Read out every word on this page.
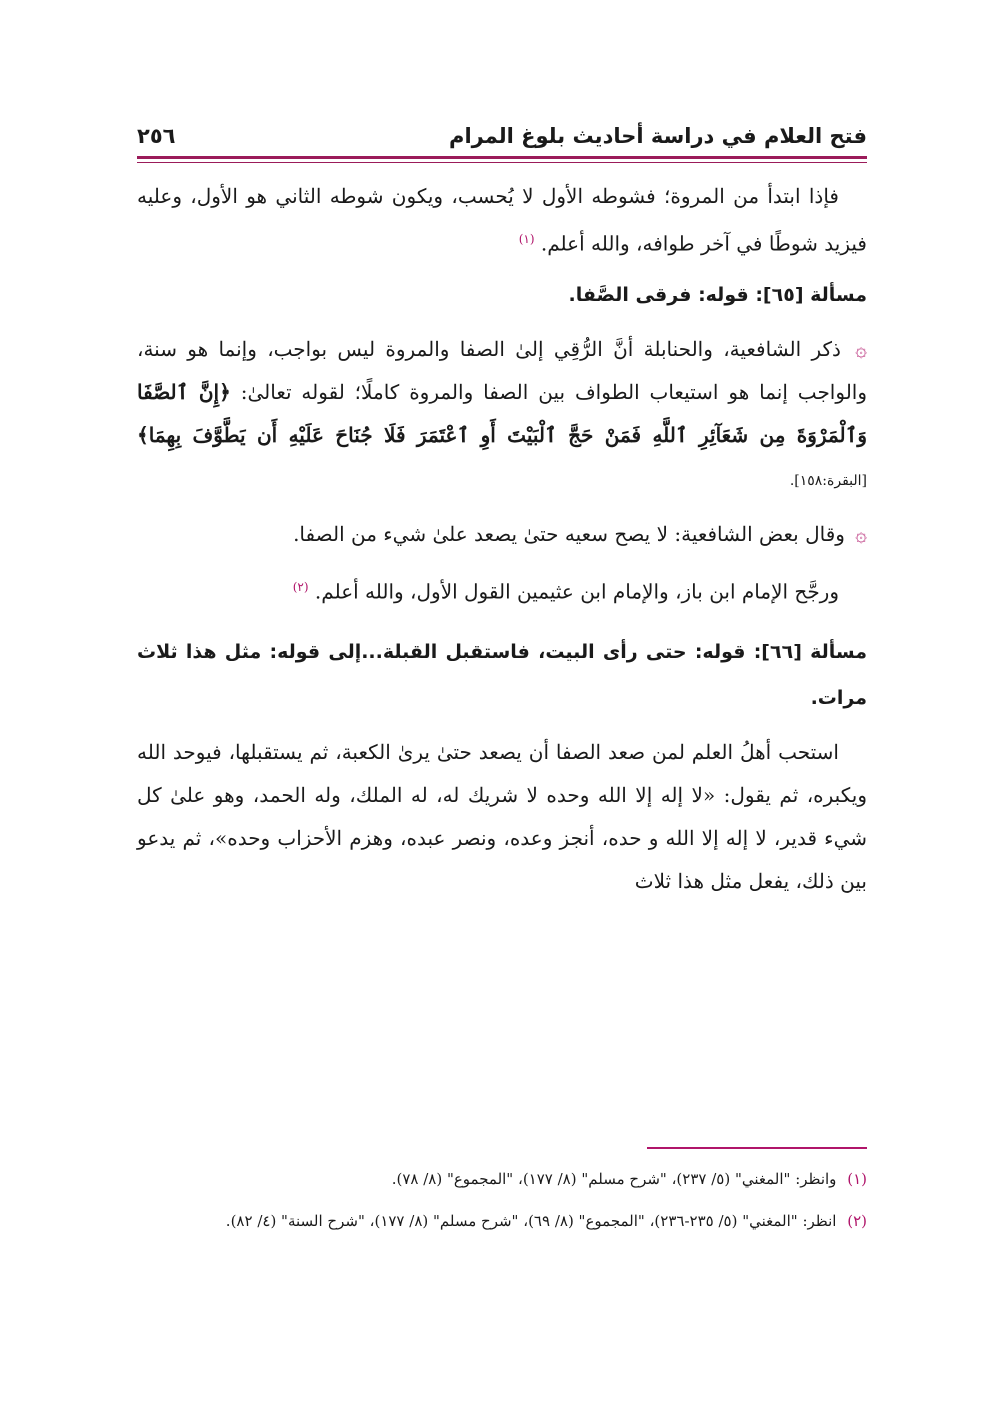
فتح العلام في دراسة أحاديث بلوغ المرام
٢٥٦

فإذا ابتدأ من المروة؛ فشوطه الأول لا يُحسب، ويكون شوطه الثاني هو الأول، وعليه فيزيد شوطًا في آخر طوافه، والله أعلم. $^{(١)}$

مسألة [٦٥]: قوله: فرقى الصَّفا.

۞ ذكر الشافعية، والحنابلة أنَّ الرُّقِي إلىٰ الصفا والمروة ليس بواجب، وإنما هو سنة، والواجب إنما هو استيعاب الطواف بين الصفا والمروة كاملًا؛ لقوله تعالىٰ: ﴿إِنَّ ٱلصَّفَا وَٱلْمَرْوَةَ مِن شَعَآئِرِ ٱللَّهِ فَمَنْ حَجَّ ٱلْبَيْتَ أَوِ ٱعْتَمَرَ فَلَا جُنَاحَ عَلَيْهِ أَن يَطَّوَّفَ بِهِمَا﴾ [البقرة:١٥٨].

۞ وقال بعض الشافعية: لا يصح سعيه حتىٰ يصعد علىٰ شيء من الصفا.

ورجَّح الإمام ابن باز، والإمام ابن عثيمين القول الأول، والله أعلم. $^{(٢)}$

مسألة [٦٦]: قوله: حتى رأى البيت، فاستقبل القبلة...إلى قوله: مثل هذا ثلاث مرات.

استحب أهلُ العلم لمن صعد الصفا أن يصعد حتىٰ يرىٰ الكعبة، ثم يستقبلها، فيوحد الله ويكبره، ثم يقول: «لا إله إلا الله وحده لا شريك له، له الملك، وله الحمد، وهو علىٰ كل شيء قدير، لا إله إلا الله و حده، أنجز وعده، ونصر عبده، وهزم الأحزاب وحده»، ثم يدعو بين ذلك، يفعل مثل هذا ثلاث

(١) وانظر: "المغني" (٥/ ٢٣٧)، "شرح مسلم" (٨/ ١٧٧)، "المجموع" (٨/ ٧٨).

(٢) انظر: "المغني" (٥/ ٢٣٥-٢٣٦)، "المجموع" (٨/ ٦٩)، "شرح مسلم" (٨/ ١٧٧)، "شرح السنة" (٤/ ٨٢).
